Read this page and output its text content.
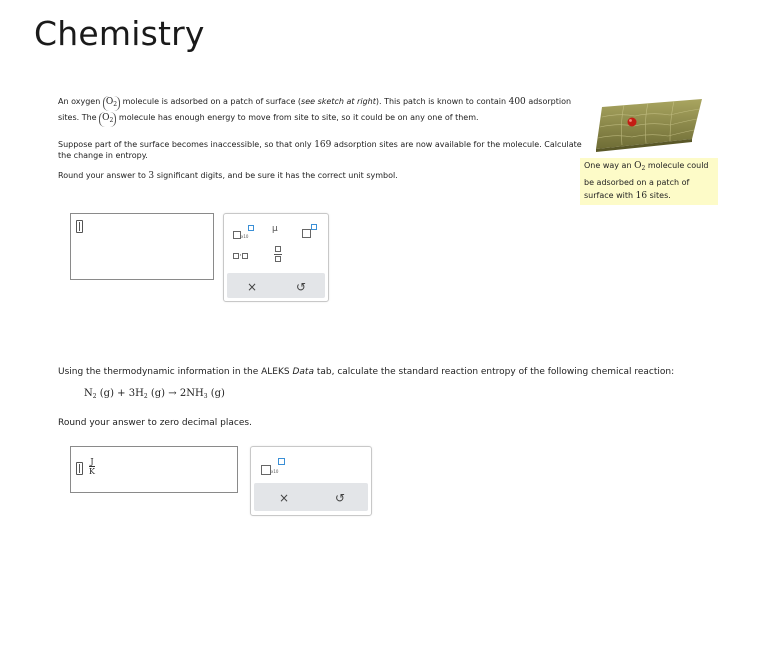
Chemistry
An oxygen $O_2$ molecule is adsorbed on a patch of surface (see sketch at right). This patch is known to contain 400 adsorption
sites. The $O_2$ molecule has enough energy to move from site to site, so it could be on any one of them.
Suppose part of the surface becomes inaccessible, so that only 169 adsorption sites are now available for the molecule. Calculate
the change in entropy.
Round your answer to 3 significant digits, and be sure it has the correct unit symbol.
One way an $O_2$ molecule could
be adsorbed on a patch of
surface with 16 sites.
x10
μ
·
×	↺
Using the thermodynamic information in the ALEKS Data tab, calculate the standard reaction entropy of the following chemical reaction:
$N_2$ $(g) + 3H_2$ $(g) \to 2NH_3$ (g)
Round your answer to zero decimal places.
$\frac{J}{K}$	x10
×	↺
